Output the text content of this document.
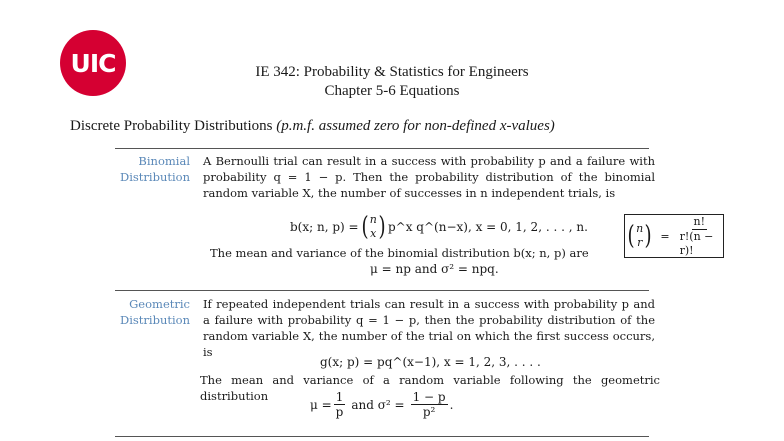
UIC	IE 342: Probability & Statistics for Engineers
Chapter 5-6 Equations
Discrete Probability Distributions (p.m.f. assumed zero for non-defined x-values)
Binomial
Distribution
A Bernoulli trial can result in a success with probability p and a failure with probability q = 1 − p. Then the probability distribution of the binomial random variable X, the number of successes in n independent trials, is
b(x; n, p) = ( n
x ) p^x q^(n−x), x = 0, 1, 2, . . . , n.
The mean and variance of the binomial distribution b(x; n, p) are
μ = np and σ² = npq.
( n
r ) = $\frac{n!}{r!(n - r)!}$
Geometric
Distribution
If repeated independent trials can result in a success with probability p and a failure with probability q = 1 − p, then the probability distribution of the random variable X, the number of the trial on which the first success occurs, is
g(x; p) = pq^(x−1), x = 1, 2, 3, . . . .
The mean and variance of a random variable following the geometric distribution
$\mu = \frac{1}{p}$ and $\sigma^2 = \frac{1 - p}{\text{p²}}$ .
